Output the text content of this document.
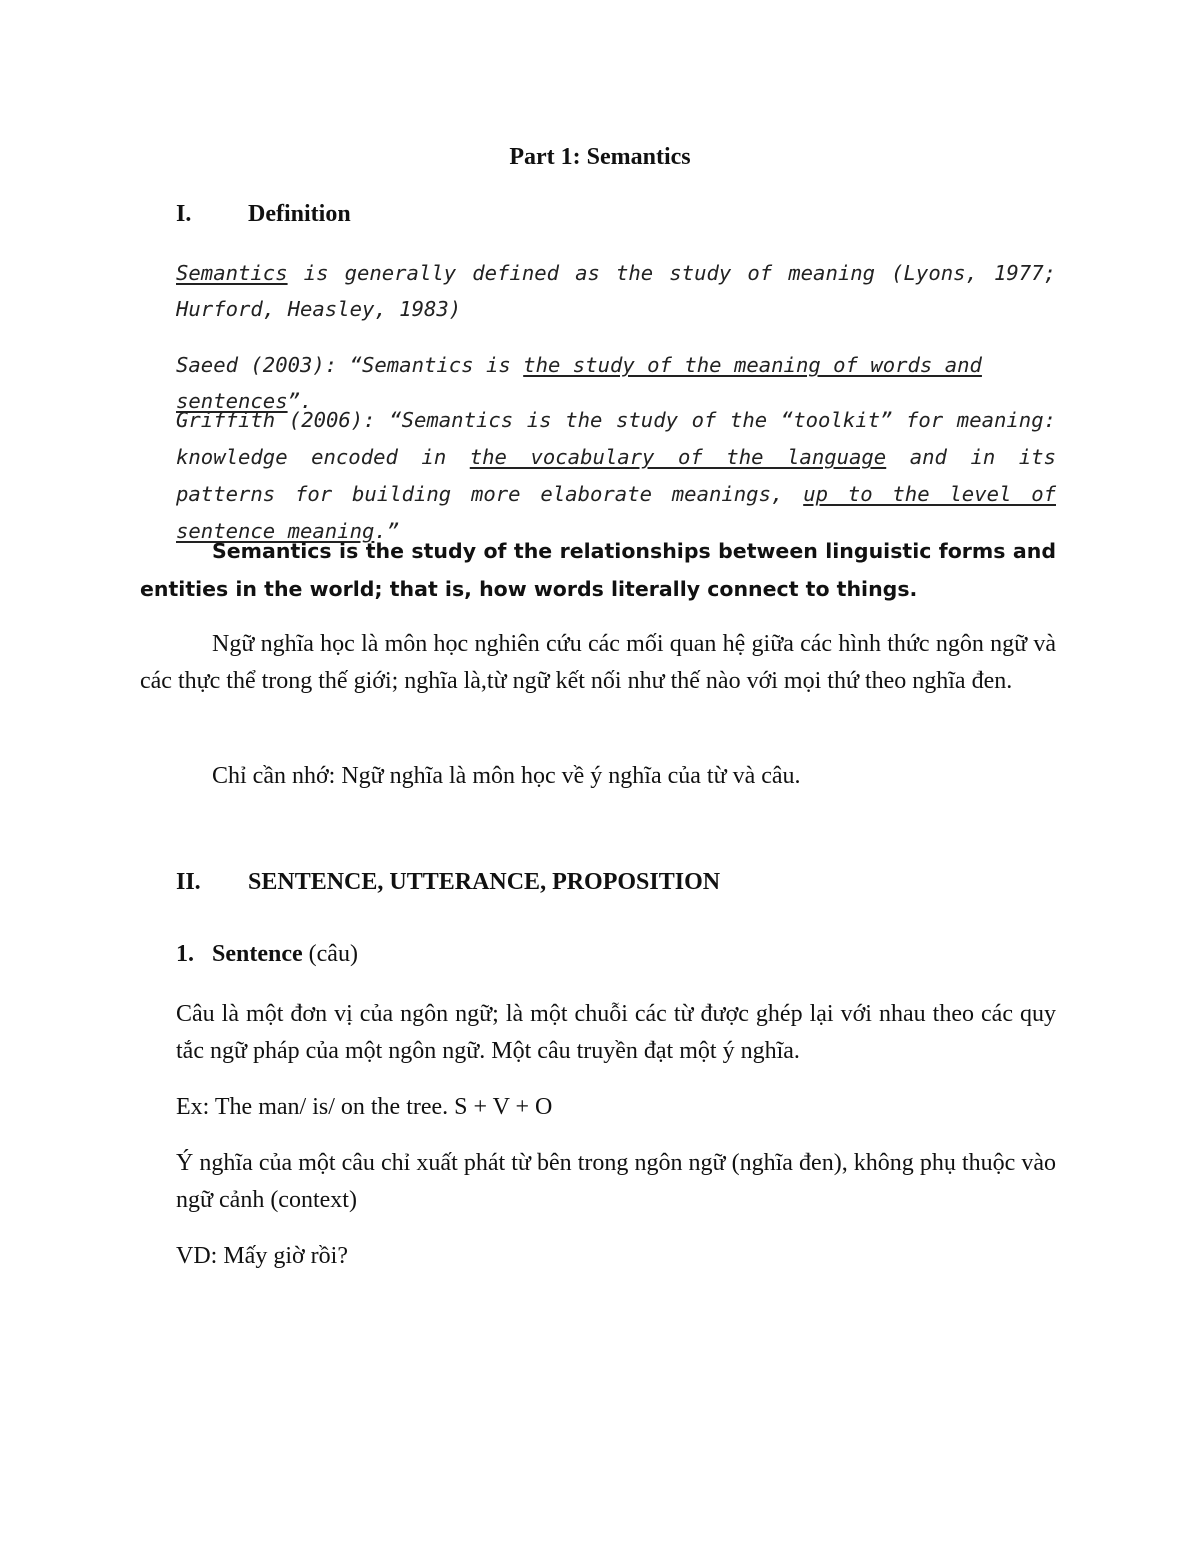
Part 1: Semantics
I. Definition

Semantics is generally defined as the study of meaning (Lyons, 1977; Hurford, Heasley, 1983)

Saeed (2003): “Semantics is the study of the meaning of words and sentences”.

Griffith (2006): “Semantics is the study of the “toolkit” for meaning: knowledge encoded in the vocabulary of the language and in its patterns for building more elaborate meanings, up to the level of sentence meaning.”

Semantics is the study of the relationships between linguistic forms and entities in the world; that is, how words literally connect to things.

Ngữ nghĩa học là môn học nghiên cứu các mối quan hệ giữa các hình thức ngôn ngữ và các thực thể trong thế giới; nghĩa là,từ ngữ kết nối như thế nào với mọi thứ theo nghĩa đen.

Chỉ cần nhớ: Ngữ nghĩa là môn học về ý nghĩa của từ và câu.

II. SENTENCE, UTTERANCE, PROPOSITION
1. Sentence (câu)

Câu là một đơn vị của ngôn ngữ; là một chuỗi các từ được ghép lại với nhau theo các quy tắc ngữ pháp của một ngôn ngữ. Một câu truyền đạt một ý nghĩa.

Ex: The man/ is/ on the tree. S + V + O

Ý nghĩa của một câu chỉ xuất phát từ bên trong ngôn ngữ (nghĩa đen), không phụ thuộc vào ngữ cảnh (context)

VD: Mấy giờ rồi?
